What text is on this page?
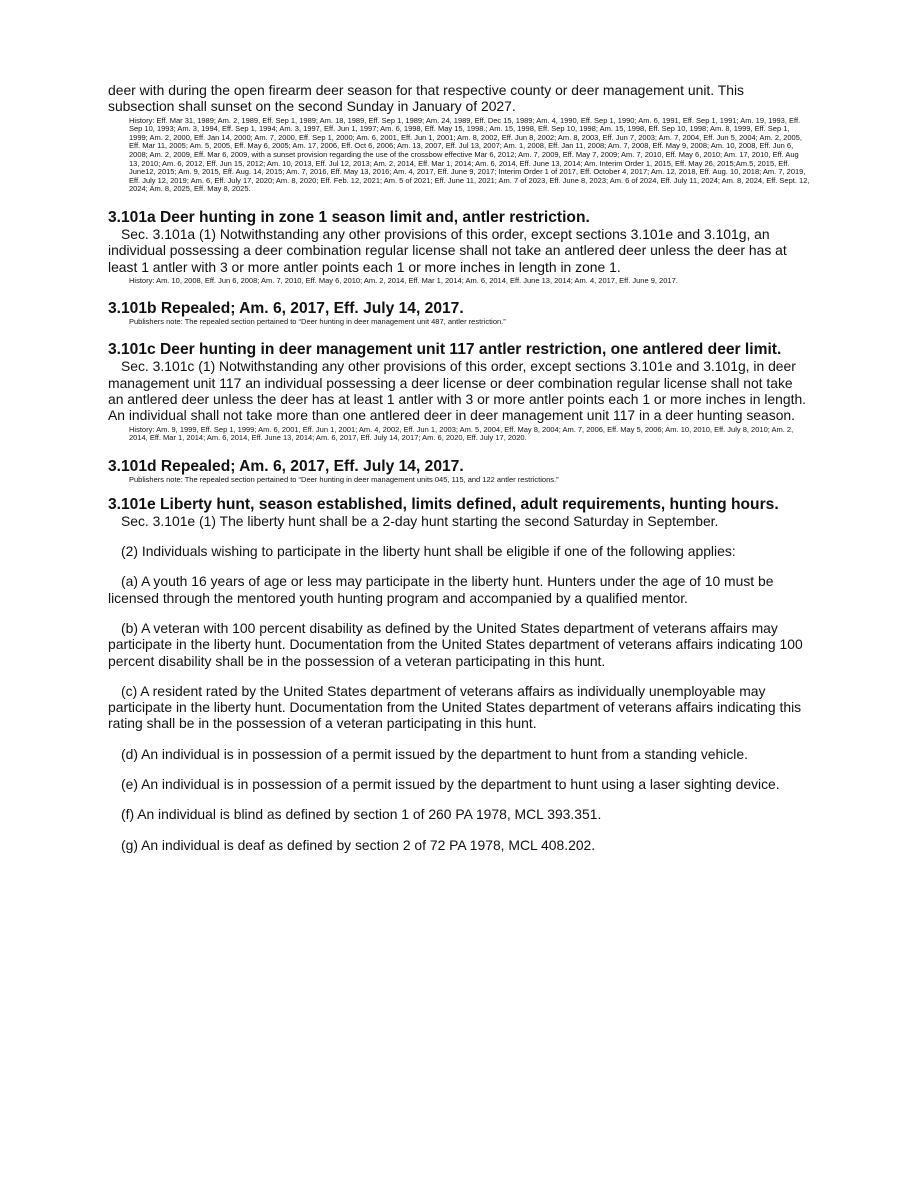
deer with during the open firearm deer season for that respective county or deer management unit. This subsection shall sunset on the second Sunday in January of 2027.

History: Eff. Mar 31, 1989; Am. 2, 1989, Eff. Sep 1, 1989; Am. 18, 1989, Eff. Sep 1, 1989; Am. 24, 1989, Eff. Dec 15, 1989; Am. 4, 1990, Eff. Sep 1, 1990; Am. 6, 1991, Eff. Sep 1, 1991; Am. 19, 1993, Eff. Sep 10, 1993; Am. 3, 1994, Eff. Sep 1, 1994; Am. 3, 1997, Eff. Jun 1, 1997; Am. 6, 1998, Eff. May 15, 1998.; Am. 15, 1998, Eff. Sep 10, 1998; Am. 15, 1998, Eff. Sep 10, 1998; Am. 8, 1999, Eff. Sep 1, 1999; Am. 2, 2000, Eff. Jan 14, 2000; Am. 7, 2000, Eff. Sep 1, 2000; Am. 6, 2001, Eff. Jun 1, 2001; Am. 8, 2002, Eff. Jun 8, 2002; Am. 8, 2003, Eff. Jun 7, 2003; Am. 7, 2004, Eff. Jun 5, 2004; Am. 2, 2005, Eff. Mar 11, 2005; Am. 5, 2005, Eff. May 6, 2005; Am. 17, 2006, Eff. Oct 6, 2006; Am. 13, 2007, Eff. Jul 13, 2007; Am. 1, 2008, Eff. Jan 11, 2008; Am. 7, 2008, Eff. May 9, 2008; Am. 10, 2008, Eff. Jun 6, 2008; Am. 2, 2009, Eff. Mar 6, 2009, with a sunset provision regarding the use of the crossbow effective Mar 6, 2012; Am. 7, 2009, Eff. May 7, 2009; Am. 7, 2010, Eff. May 6, 2010; Am. 17, 2010, Eff. Aug 13, 2010; Am. 6, 2012, Eff. Jun 15, 2012; Am. 10, 2013, Eff. Jul 12, 2013; Am. 2, 2014, Eff. Mar 1, 2014; Am. 6, 2014, Eff. June 13, 2014; Am. Interim Order 1, 2015, Eff. May 26, 2015;Am.5, 2015, Eff. June12, 2015; Am. 9, 2015, Eff. Aug. 14, 2015; Am. 7, 2016, Eff. May 13, 2016; Am. 4, 2017, Eff. June 9, 2017; Interim Order 1 of 2017, Eff. October 4, 2017; Am. 12, 2018, Eff. Aug. 10, 2018; Am. 7, 2019, Eff. July 12, 2019; Am. 6, Eff. July 17, 2020; Am. 8, 2020; Eff. Feb. 12, 2021; Am. 5 of 2021; Eff. June 11, 2021; Am. 7 of 2023, Eff. June 8, 2023; Am. 6 of 2024, Eff. July 11, 2024; Am. 8, 2024, Eff. Sept. 12, 2024; Am. 8, 2025, Eff. May 8, 2025.

3.101a Deer hunting in zone 1 season limit and, antler restriction.

Sec. 3.101a (1) Notwithstanding any other provisions of this order, except sections 3.101e and 3.101g, an individual possessing a deer combination regular license shall not take an antlered deer unless the deer has at least 1 antler with 3 or more antler points each 1 or more inches in length in zone 1.

History: Am. 10, 2008, Eff. Jun 6, 2008; Am. 7, 2010, Eff. May 6, 2010; Am. 2, 2014, Eff. Mar 1, 2014; Am. 6, 2014, Eff. June 13, 2014; Am. 4, 2017, Eff. June 9, 2017.

3.101b Repealed; Am. 6, 2017, Eff. July 14, 2017.

Publishers note: The repealed section pertained to “Deer hunting in deer management unit 487, antler restriction.”

3.101c Deer hunting in deer management unit 117 antler restriction, one antlered deer limit.

Sec. 3.101c (1) Notwithstanding any other provisions of this order, except sections 3.101e and 3.101g, in deer management unit 117 an individual possessing a deer license or deer combination regular license shall not take an antlered deer unless the deer has at least 1 antler with 3 or more antler points each 1 or more inches in length. An individual shall not take more than one antlered deer in deer management unit 117 in a deer hunting season.

History: Am. 9, 1999, Eff. Sep 1, 1999; Am. 6, 2001, Eff. Jun 1, 2001; Am. 4, 2002, Eff. Jun 1, 2003; Am. 5, 2004, Eff. May 8, 2004; Am. 7, 2006, Eff. May 5, 2006; Am. 10, 2010, Eff. July 8, 2010; Am. 2, 2014, Eff. Mar 1, 2014; Am. 6, 2014, Eff. June 13, 2014; Am. 6, 2017, Eff. July 14, 2017; Am. 6, 2020, Eff. July 17, 2020.

3.101d Repealed; Am. 6, 2017, Eff. July 14, 2017.

Publishers note: The repealed section pertained to “Deer hunting in deer management units 045, 115, and 122 antler restrictions.”

3.101e Liberty hunt, season established, limits defined, adult requirements, hunting hours.

Sec. 3.101e (1) The liberty hunt shall be a 2-day hunt starting the second Saturday in September.

(2) Individuals wishing to participate in the liberty hunt shall be eligible if one of the following applies:

(a) A youth 16 years of age or less may participate in the liberty hunt. Hunters under the age of 10 must be licensed through the mentored youth hunting program and accompanied by a qualified mentor.

(b) A veteran with 100 percent disability as defined by the United States department of veterans affairs may participate in the liberty hunt. Documentation from the United States department of veterans affairs indicating 100 percent disability shall be in the possession of a veteran participating in this hunt.

(c) A resident rated by the United States department of veterans affairs as individually unemployable may participate in the liberty hunt. Documentation from the United States department of veterans affairs indicating this rating shall be in the possession of a veteran participating in this hunt.

(d) An individual is in possession of a permit issued by the department to hunt from a standing vehicle.

(e) An individual is in possession of a permit issued by the department to hunt using a laser sighting device.

(f) An individual is blind as defined by section 1 of 260 PA 1978, MCL 393.351.

(g) An individual is deaf as defined by section 2 of 72 PA 1978, MCL 408.202.
